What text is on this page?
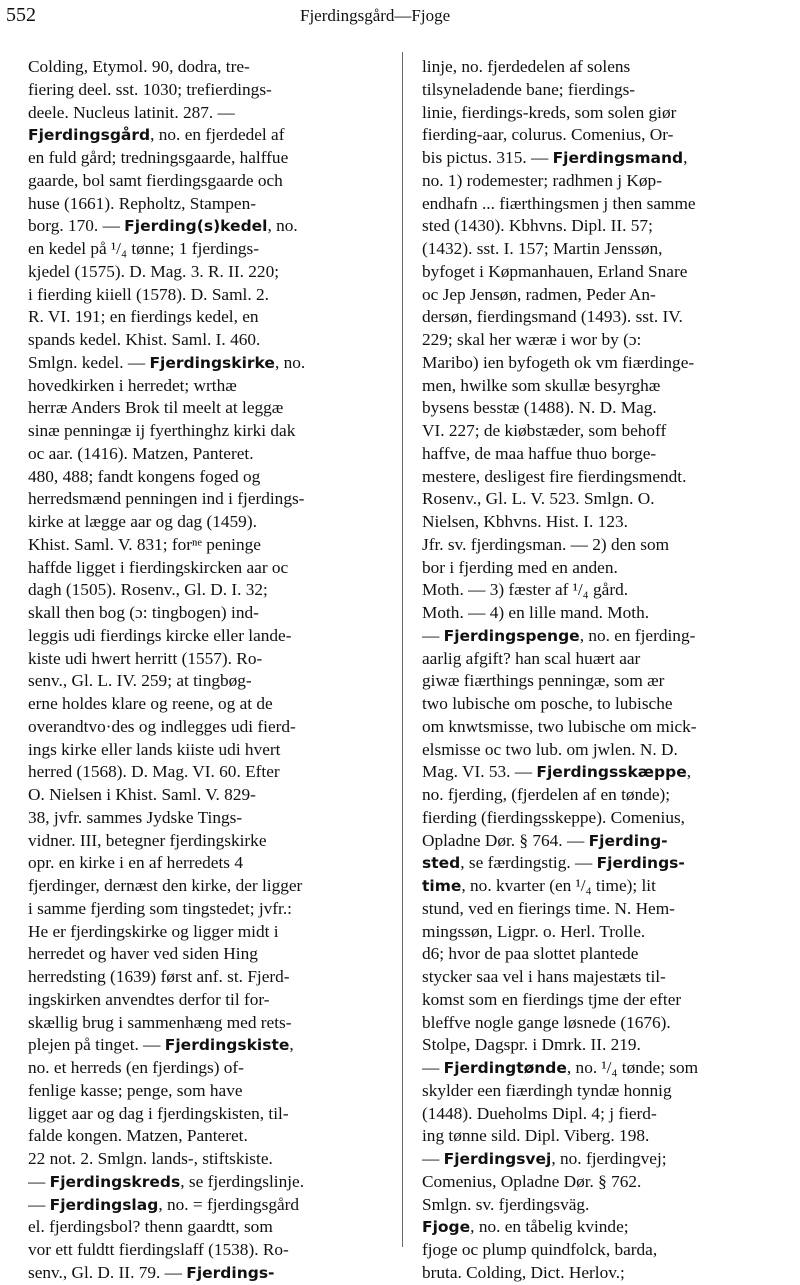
552	Fjerdingsgård—Fjoge
Colding, Etymol. 90, dodra, tre-
fiering deel. sst. 1030; trefierdings-
deele. Nucleus latinit. 287. —
Fjerdingsgård, no. en fjerdedel af
en fuld gård; tredningsgaarde, halffue
gaarde, bol samt fierdingsgaarde och
huse (1661). Repholtz, Stampen-
borg. 170. — Fjerding(s)kedel, no.
en kedel på ¹/₄ tønne; 1 fjerdings-
kjedel (1575). D. Mag. 3. R. II. 220;
i fierding kiiell (1578). D. Saml. 2.
R. VI. 191; en fierdings kedel, en
spands kedel. Khist. Saml. I. 460.
Smlgn. kedel. — Fjerdingskirke, no.
hovedkirken i herredet; wrthæ
herræ Anders Brok til meelt at leggæ
sinæ penningæ ij fyerthinghz kirki dak
oc aar. (1416). Matzen, Panteret.
480, 488; fandt kongens foged og
herredsmænd penningen ind i fjerdings-
kirke at lægge aar og dag (1459).
Khist. Saml. V. 831; forⁿᵉ peninge
haffde ligget i fierdingskircken aar oc
dagh (1505). Rosenv., Gl. D. I. 32;
skall then bog (ɔ: tingbogen) ind-
leggis udi fierdings kircke eller lande-
kiste udi hwert herritt (1557). Ro-
senv., Gl. L. IV. 259; at tingbøg-
erne holdes klare og reene, og at de
overandtvo·des og indlegges udi fierd-
ings kirke eller lands kiiste udi hvert
herred (1568). D. Mag. VI. 60. Efter
O. Nielsen i Khist. Saml. V. 829-
38, jvfr. sammes Jydske Tings-
vidner. III, betegner fjerdingskirke
opr. en kirke i en af herredets 4
fjerdinger, dernæst den kirke, der ligger
i samme fjerding som tingstedet; jvfr.:
He er fjerdingskirke og ligger midt i
herredet og haver ved siden Hing
herredsting (1639) først anf. st. Fjerd-
ingskirken anvendtes derfor til for-
skællig brug i sammenhæng med rets-
plejen på tinget. — Fjerdingskiste,
no. et herreds (en fjerdings) of-
fenlige kasse; penge, som have
ligget aar og dag i fjerdingskisten, til-
falde kongen. Matzen, Panteret.
22 not. 2. Smlgn. lands-, stiftskiste.
— Fjerdingskreds, se fjerdingslinje.
— Fjerdingslag, no. = fjerdingsgård
el. fjerdingsbol? thenn gaardtt, som
vor ett fuldtt fierdingslaff (1538). Ro-
senv., Gl. D. II. 79. — Fjerdings-
linje, no. fjerdedelen af solens
tilsyneladende bane; fierdings-
linie, fierdings-kreds, som solen giør
fierding-aar, colurus. Comenius, Or-
bis pictus. 315. — Fjerdingsmand,
no. 1) rodemester; radhmen j Køp-
endhafn ... fiærthingsmen j then samme
sted (1430). Kbhvns. Dipl. II. 57;
(1432). sst. I. 157; Martin Jenssøn,
byfoget i Køpmanhauen, Erland Snare
oc Jep Jensøn, radmen, Peder An-
dersøn, fierdingsmand (1493). sst. IV.
229; skal her wæræ i wor by (ɔ:
Maribo) ien byfogeth ok vm fiærdinge-
men, hwilke som skullæ besyrghæ
bysens besstæ (1488). N. D. Mag.
VI. 227; de kiøbstæder, som behoff
haffve, de maa haffue thuo borge-
mestere, desligest fire fierdingsmendt.
Rosenv., Gl. L. V. 523. Smlgn. O.
Nielsen, Kbhvns. Hist. I. 123.
Jfr. sv. fjerdingsman. — 2) den som
bor i fjerding med en anden.
Moth. — 3) fæster af ¹/₄ gård.
Moth. — 4) en lille mand. Moth.
— Fjerdingspenge, no. en fjerding-
aarlig afgift? han scal huært aar
giwæ fiærthings penningæ, som ær
two lubische om posche, to lubische
om knwtsmisse, two lubische om mick-
elsmisse oc two lub. om jwlen. N. D.
Mag. VI. 53. — Fjerdingsskæppe,
no. fjerding, (fjerdelen af en tønde);
fierding (fierdingsskeppe). Comenius,
Opladne Dør. § 764. — Fjerding-
sted, se færdingstig. — Fjerdings-
time, no. kvarter (en ¹/₄ time); lit
stund, ved en fierings time. N. Hem-
mingssøn, Ligpr. o. Herl. Trolle.
d6; hvor de paa slottet plantede
stycker saa vel i hans majestæts til-
komst som en fierdings tjme der efter
bleffve nogle gange løsnede (1676).
Stolpe, Dagspr. i Dmrk. II. 219.
— Fjerdingtønde, no. ¹/₄ tønde; som
skylder een fiærdingh tyndæ honnig
(1448). Dueholms Dipl. 4; j fierd-
ing tønne sild. Dipl. Viberg. 198.
— Fjerdingsvej, no. fjerdingvej;
Comenius, Opladne Dør. § 762.
Smlgn. sv. fjerdingsväg.
Fjoge, no. en tåbelig kvinde;
fjoge oc plump quindfolck, barda,
bruta. Colding, Dict. Herlov.;
